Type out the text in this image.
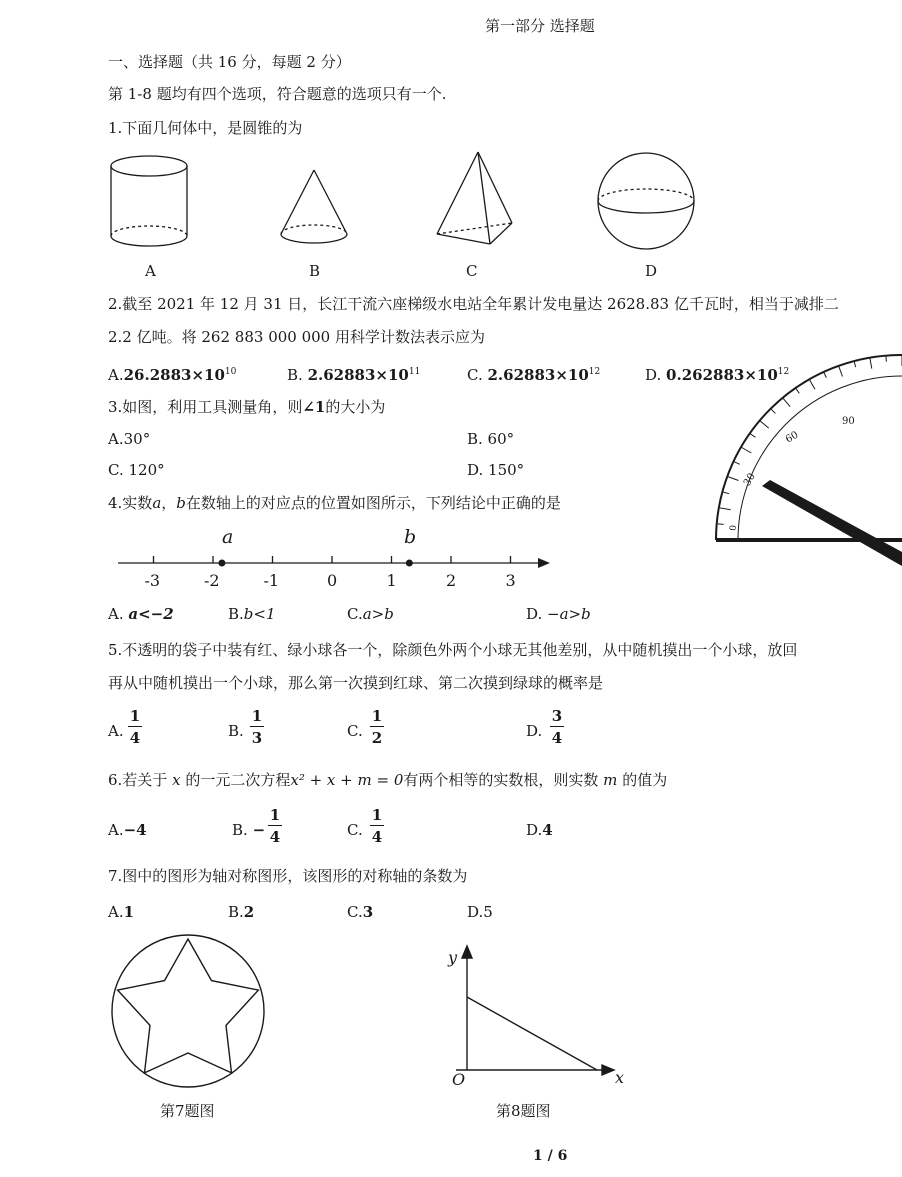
第一部分 选择题
一、选择题（共 16 分，每题 2 分）
第 1-8 题均有四个选项，符合题意的选项只有一个.
1.下面几何体中，是圆锥的为
A	B	C	D
2.截至 2021 年 12 月 31 日，长江干流六座梯级水电站全年累计发电量达 2628.83 亿千瓦时，相当于减排二
2.2 亿吨。将 262 883 000 000 用科学计数法表示应为
$A.26.2883\times 10^{10}$	B. $2.62883\times 10^{11}$	C. $2.62883\times 10^{12}$	D. $0.262883\times 10^{12}$
3.如图，利用工具测量角，则∠1的大小为
A.30°	B. 60°
C. 120°	D. 150°
0
30
60
90
4.实数a，b在数轴上的对应点的位置如图所示，下列结论中正确的是
a	b
-3	-2	-1	0	1	2	3
A. a<−2	B.b<1	C.a>b	D. −a>b
5.不透明的袋子中装有红、绿小球各一个，除颜色外两个小球无其他差别，从中随机摸出一个小球，放回
再从中随机摸出一个小球，那么第一次摸到红球、第二次摸到绿球的概率是
A.
1
4	B.
1
3	C.
1
2	D.
3
4
6.若关于 x 的一元二次方程x² + x + m = 0有两个相等的实数根，则实数 m 的值为
A.−4	B. −
1
4	C.
1
4	D.4
7.图中的图形为轴对称图形，该图形的对称轴的条数为
A.1	B.2	C.3	D.5
y
O	x
第7题图	第8题图
1 / 6
